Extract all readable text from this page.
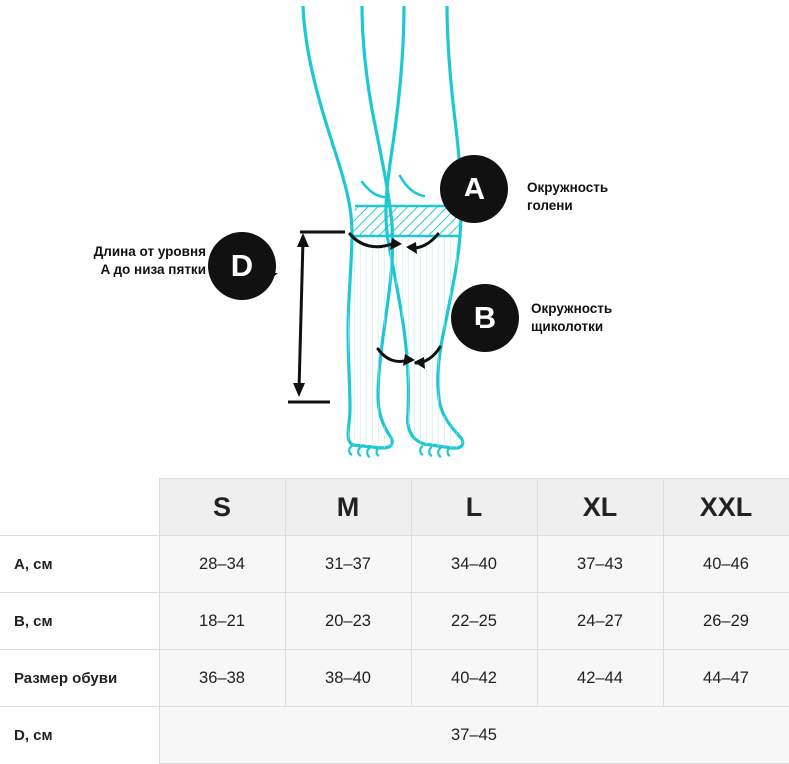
A	Окружность
голени
B	Окружность
щиколотки
D
Длина от уровня
A до низа пятки
	S	M	L	XL	XXL
A, см	28–34	31–37	34–40	37–43	40–46
B, см	18–21	20–23	22–25	24–27	26–29
Размер обуви	36–38	38–40	40–42	42–44	44–47
D, см	37–45				
